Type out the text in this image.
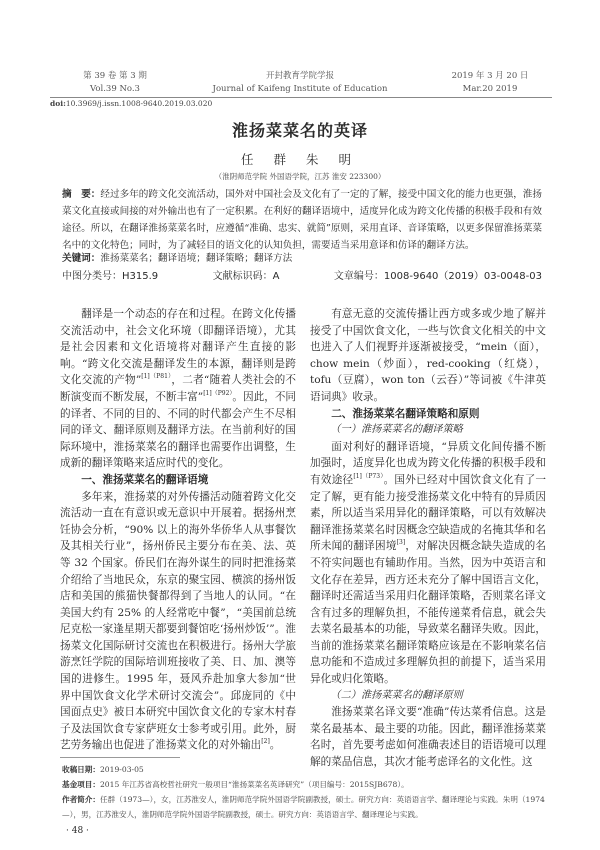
第 39 卷 第 3 期
Vol.39 No.3
开封教育学院学报
Journal of Kaifeng Institute of Education
2019 年 3 月 20 日
Mar.20 2019
doi:10.3969/j.issn.1008-9640.2019.03.020
淮扬菜菜名的英译
任 群 朱 明
（淮阴师范学院 外国语学院，江苏 淮安 223300）
摘　要：经过多年的跨文化交流活动，国外对中国社会及文化有了一定的了解，接受中国文化的能力也更强，淮扬菜文化直接或间接的对外输出也有了一定积累。在利好的翻译语境中，适度异化成为跨文化传播的积极手段和有效途径。所以，在翻译淮扬菜菜名时，应遵循“准确、忠实、就简”原则，采用直译、音译策略，以更多保留淮扬菜菜名中的文化特色；同时，为了减轻目的语文化的认知负担，需要适当采用意译和仿译的翻译方法。
关键词：淮扬菜菜名；翻译语境；翻译策略；翻译方法
中图分类号：H315.9	文献标识码：A	文章编号：1008-9640（2019）03-0048-03

翻译是一个动态的存在和过程。在跨文化传播交流活动中，社会文化环境（即翻译语境），尤其是社会因素和文化语境将对翻译产生直接的影响。“跨文化交流是翻译发生的本源，翻译则是跨文化交流的产物”$^{[1](P81)}$，二者“随着人类社会的不断演变而不断发展，不断丰富”$^{[1](P92)}$。因此，不同的译者、不同的目的、不同的时代都会产生不尽相同的译文、翻译原则及翻译方法。在当前利好的国际环境中，淮扬菜菜名的翻译也需要作出调整，生成新的翻译策略来适应时代的变化。

一、淮扬菜菜名的翻译语境

多年来，淮扬菜的对外传播活动随着跨文化交流活动一直在有意识或无意识中开展着。据扬州烹饪协会分析，“90% 以上的海外华侨华人从事餐饮及其相关行业”，扬州侨民主要分布在美、法、英等 32 个国家。侨民们在海外谋生的同时把淮扬菜介绍给了当地民众，东京的聚宝园、横滨的扬州饭店和美国的熊猫快餐都得到了当地人的认同。“在美国大约有 25% 的人经常吃中餐”，“美国前总统尼克松一家逢星期天都要到餐馆吃‘扬州炒饭’”。淮扬菜文化国际研讨交流也在积极进行。扬州大学旅游烹饪学院的国际培训班接收了美、日、加、澳等国的进修生。1995 年，聂风乔赴加拿大参加“世界中国饮食文化学术研讨交流会”。邱庞同的《中国面点史》被日本研究中国饮食文化的专家木村春子及法国饮食专家萨班女士参考或引用。此外，厨艺劳务输出也促进了淮扬菜文化的对外输出[2]。

有意无意的交流传播让西方或多或少地了解并接受了中国饮食文化，一些与饮食文化相关的中文也进入了人们视野并逐渐被接受，“mein（面），chow mein（炒面），red-cooking（红烧），tofu（豆腐），won ton（云吞）”等词被《牛津英语词典》收录。

二、淮扬菜菜名翻译策略和原则
（一）淮扬菜菜名的翻译策略

面对利好的翻译语境，“异质文化间传播不断加强时，适度异化也成为跨文化传播的积极手段和有效途径$^{[1](P73)}$。国外已经对中国饮食文化有了一定了解，更有能力接受淮扬菜文化中特有的异质因素，所以适当采用异化的翻译策略，可以有效解决翻译淮扬菜菜名时因概念空缺造成的名掩其华和名所未闻的翻译困境[3]，对解决因概念缺失造成的名不符实问题也有辅助作用。当然，因为中英语言和文化存在差异，西方还未充分了解中国语言文化，翻译时还需适当采用归化翻译策略，否则菜名译文含有过多的理解负担，不能传递菜肴信息，就会失去菜名最基本的功能，导致菜名翻译失败。因此，当前的淮扬菜菜名翻译策略应该是在不影响菜名信息功能和不造成过多理解负担的前提下，适当采用异化或归化策略。

（二）淮扬菜菜名的翻译原则

淮扬菜菜名译文要“准确”传达菜肴信息。这是菜名最基本、最主要的功能。因此，翻译淮扬菜菜名时，首先要考虑如何准确表述目的语语境可以理解的菜品信息，其次才能考虑译名的文化性。这

收稿日期：2019-03-05
基金项目：2015 年江苏省高校哲社研究一般项目“淮扬菜菜名英译研究”（项目编号：2015SJB678）。
作者简介：任群（1973—），女，江苏淮安人，淮阴师范学院外国语学院副教授，硕士。研究方向：英语语言学、翻译理论与实践。朱明（1974—），男，江苏淮安人，淮阴师范学院外国语学院副教授，硕士。研究方向：英语语言学、翻译理论与实践。
· 48 ·
